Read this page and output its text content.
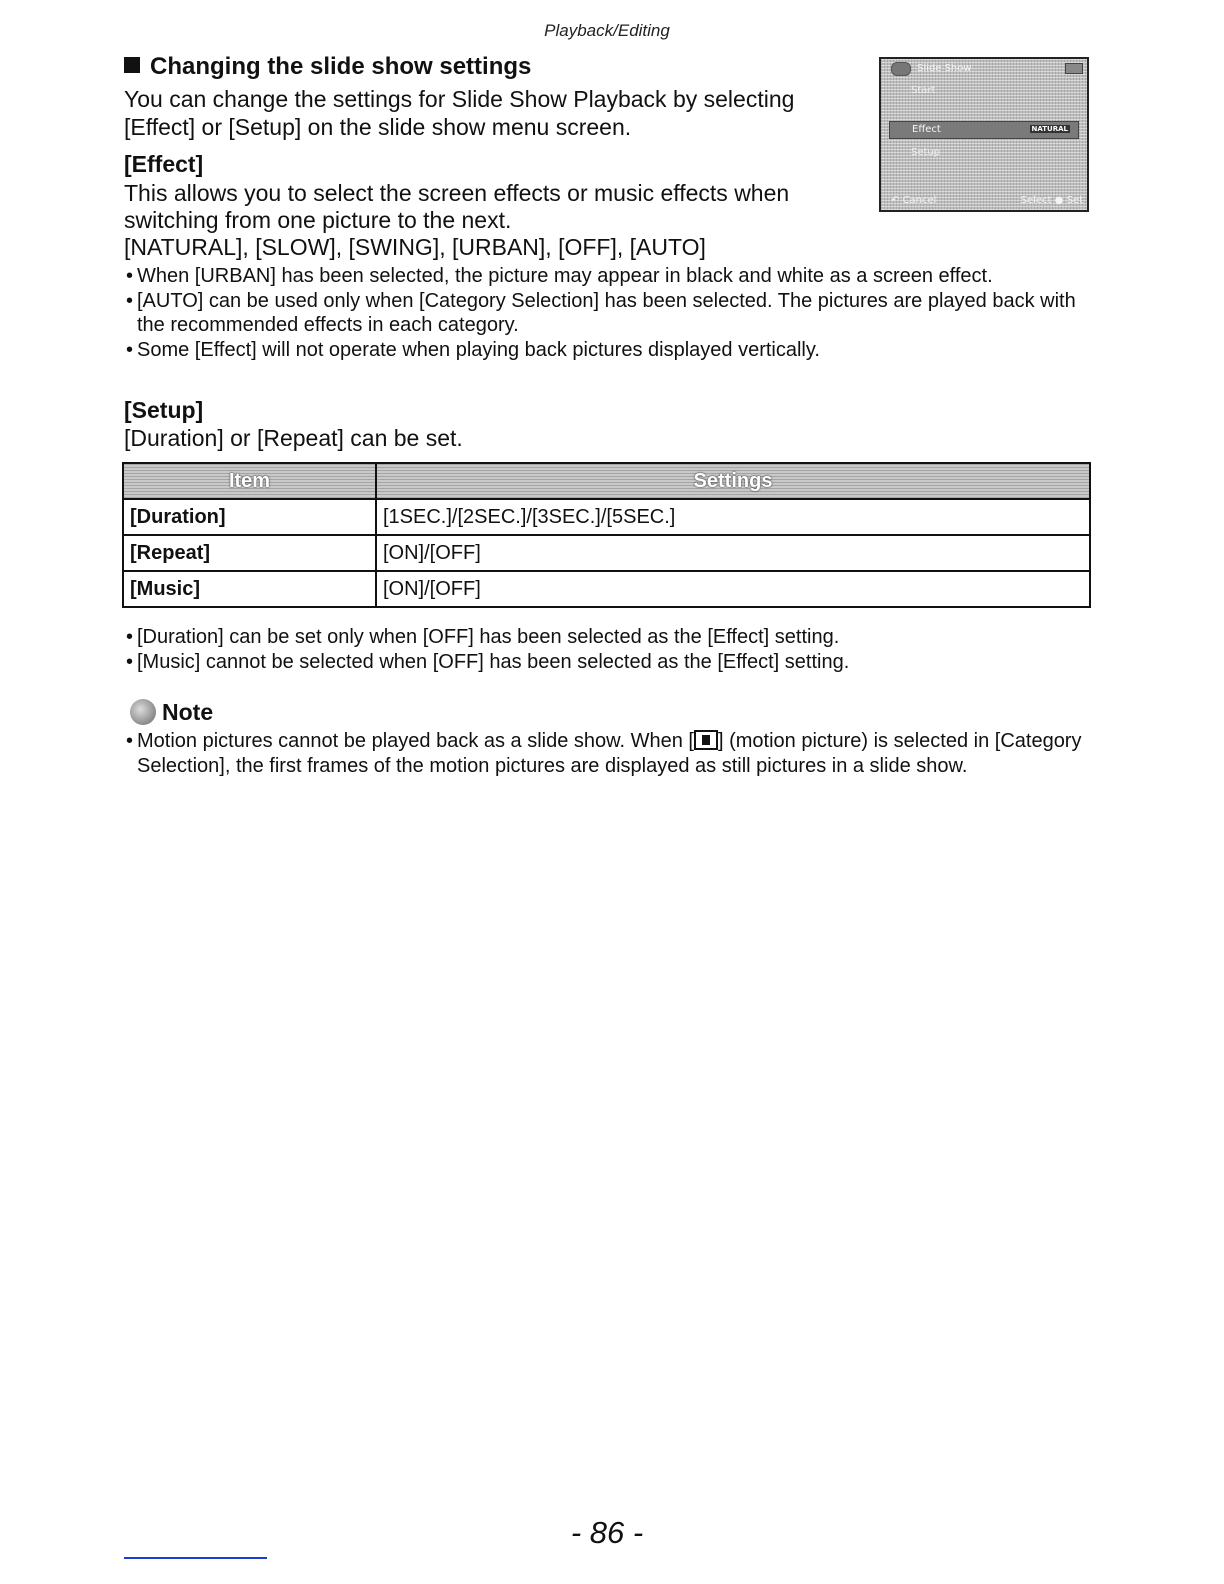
Playback/Editing
Changing the slide show settings
You can change the settings for Slide Show Playback by selecting
[Effect] or [Setup] on the slide show menu screen.
Slide Show
Start
Effect	NATURAL
Setup
↶ Cancel	Select ● Set
[Effect]
This allows you to select the screen effects or music effects when
switching from one picture to the next.
[NATURAL], [SLOW], [SWING], [URBAN], [OFF], [AUTO]
• When [URBAN] has been selected, the picture may appear in black and white as a screen effect.
• [AUTO] can be used only when [Category Selection] has been selected. The pictures are played back with the recommended effects in each category.
• Some [Effect] will not operate when playing back pictures displayed vertically.
[Setup]
[Duration] or [Repeat] can be set.
Item	Settings
[Duration]	[1SEC.]/[2SEC.]/[3SEC.]/[5SEC.]
[Repeat]	[ON]/[OFF]
[Music]	[ON]/[OFF]
• [Duration] can be set only when [OFF] has been selected as the [Effect] setting.
• [Music] cannot be selected when [OFF] has been selected as the [Effect] setting.
Note
• Motion pictures cannot be played back as a slide show. When [ ] (motion picture) is selected in [Category Selection], the first frames of the motion pictures are displayed as still pictures in a slide show.
- 86 -
